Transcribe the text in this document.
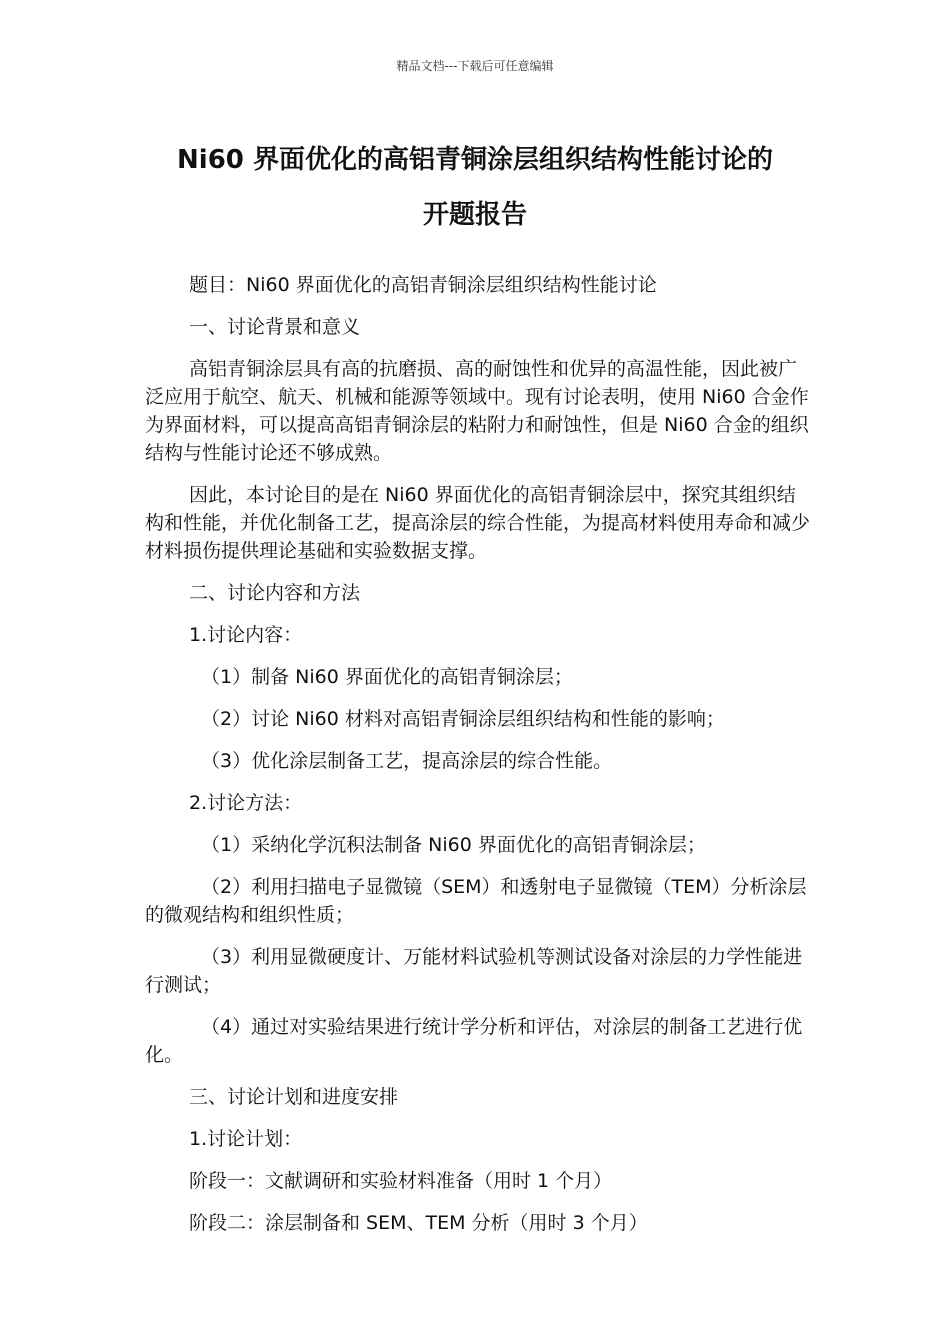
精品文档---下载后可任意编辑
Ni60 界面优化的高铝青铜涂层组织结构性能讨论的
开题报告

题目：Ni60 界面优化的高铝青铜涂层组织结构性能讨论

一、讨论背景和意义

高铝青铜涂层具有高的抗磨损、高的耐蚀性和优异的高温性能，因此被广泛应用于航空、航天、机械和能源等领域中。现有讨论表明，使用 Ni60 合金作为界面材料，可以提高高铝青铜涂层的粘附力和耐蚀性，但是 Ni60 合金的组织结构与性能讨论还不够成熟。

因此，本讨论目的是在 Ni60 界面优化的高铝青铜涂层中，探究其组织结构和性能，并优化制备工艺，提高涂层的综合性能，为提高材料使用寿命和减少材料损伤提供理论基础和实验数据支撑。

二、讨论内容和方法

1.讨论内容：

（1）制备 Ni60 界面优化的高铝青铜涂层；

（2）讨论 Ni60 材料对高铝青铜涂层组织结构和性能的影响；

（3）优化涂层制备工艺，提高涂层的综合性能。

2.讨论方法：

（1）采纳化学沉积法制备 Ni60 界面优化的高铝青铜涂层；

（2）利用扫描电子显微镜（SEM）和透射电子显微镜（TEM）分析涂层的微观结构和组织性质；

（3）利用显微硬度计、万能材料试验机等测试设备对涂层的力学性能进行测试；

（4）通过对实验结果进行统计学分析和评估，对涂层的制备工艺进行优化。

三、讨论计划和进度安排

1.讨论计划：

阶段一：文献调研和实验材料准备（用时 1 个月）

阶段二：涂层制备和 SEM、TEM 分析（用时 3 个月）
